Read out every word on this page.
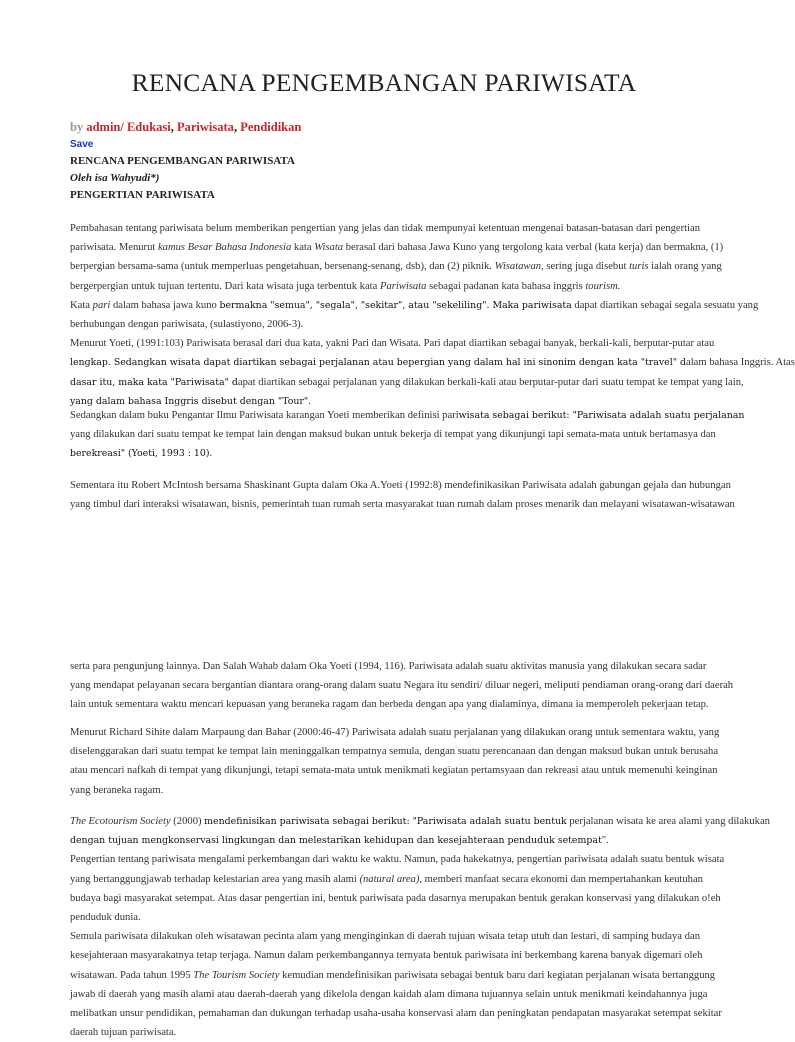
RENCANA PENGEMBANGAN PARIWISATA
by admin/ Edukasi, Pariwisata, Pendidikan
Save
RENCANA PENGEMBANGAN PARIWISATA
Oleh isa Wahyudi*)
PENGERTIAN PARIWISATA
Pembahasan tentang pariwisata belum memberikan pengertian yang jelas dan tidak mempunyai ketentuan mengenai batasan-batasan dari pengertian
pariwisata. Menurut kamus Besar Bahasa Indonesia kata Wisata berasal dari bahasa Jawa Kuno yang tergolong kata verbal (kata kerja) dan bermakna, (1)
berpergian bersama-sama (untuk memperluas pengetahuan, bersenang-senang, dsb), dan (2) piknik. Wisatawan, sering juga disebut turis ialah orang yang
bergerpergian untuk tujuan tertentu. Dari kata wisata juga terbentuk kata Pariwisata sebagai padanan kata bahasa inggris tourism.
Kata pari dalam bahasa jawa kuno bermakna "semua", "segala", "sekitar", atau "sekeliling". Maka pariwisata dapat diartikan sebagai segala sesuatu yang
berhubungan dengan pariwisata, (sulastiyono, 2006-3).
Menurut Yoeti, (1991:103) Pariwisata berasal dari dua kata, yakni Pari dan Wisata. Pari dapat diartikan sebagai banyak, berkali-kali, berputar-putar atau
lengkap. Sedangkan wisata dapat diartikan sebagai perjalanan atau bepergian yang dalam hal ini sinonim dengan kata "travel" dalam bahasa Inggris. Atas
dasar itu, maka kata "Pariwisata" dapat diartikan sebagai perjalanan yang dilakukan berkali-kali atau berputar-putar dari suatu tempat ke tempat yang lain,
yang dalam bahasa Inggris disebut dengan "Tour".
Sedangkan dalam buku Pengantar Ilmu Pariwisata karangan Yoeti memberikan definisi pariwisata sebagai berikut: "Pariwisata adalah suatu perjalanan
yang dilakukan dari suatu tempat ke tempat lain dengan maksud bukan untuk bekerja di tempat yang dikunjungi tapi semata-mata untuk bertamasya dan
berekreasi" (Yoeti, 1993 : 10).
Sementara itu Robert McIntosh bersama Shaskinant Gupta dalam Oka A.Yoeti (1992:8) mendefinikasikan Pariwisata adalah gabungan gejala dan hubungan
yang timbul dari interaksi wisatawan, bisnis, pemerintah tuan rumah serta masyarakat tuan rumah dalam proses menarik dan melayani wisatawan-wisatawan
serta para pengunjung lainnya. Dan Salah Wahab dalam Oka Yoeti (1994, 116). Pariwisata adalah suatu aktivitas manusia yang dilakukan secara sadar
yang mendapat pelayanan secara bergantian diantara orang-orang dalam suatu Negara itu sendiri/ diluar negeri, meliputi pendiaman orang-orang dari daerah
lain untuk sementara waktu mencari kepuasan yang beraneka ragam dan berbeda dengan apa yang dialaminya, dimana ia memperoleh pekerjaan tetap.
Menurut Richard Sihite dalam Marpaung dan Bahar (2000:46-47) Pariwisata adalah suatu perjalanan yang dilakukan orang untuk sementara waktu, yang
diselenggarakan dari suatu tempat ke tempat lain meninggalkan tempatnya semula, dengan suatu perencanaan dan dengan maksud bukan untuk berusaha
atau mencari nafkah di tempat yang dikunjungi, tetapi semata-mata untuk menikmati kegiatan pertamsyaan dan rekreasi atau untuk memenuhi keinginan
yang beraneka ragam.
The Ecotourism Society (2000) mendefinisikan pariwisata sebagai berikut: "Pariwisata adalah suatu bentuk perjalanan wisata ke area alami yang dilakukan
dengan tujuan mengkonservasi lingkungan dan melestarikan kehidupan dan kesejahteraan penduduk setempat".
Pengertian tentang pariwisata mengalami perkembangan dari waktu ke waktu. Namun, pada hakekatnya, pengertian pariwisata adalah suatu bentuk wisata
yang bertanggungjawab terhadap kelestarian area yang masih alami (natural area), memberi manfaat secara ekonomi dan mempertahankan keutuhan
budaya bagi masyarakat setempat. Atas dasar pengertian ini, bentuk pariwisata pada dasarnya merupakan bentuk gerakan konservasi yang dilakukan o!eh
penduduk dunia.
Semula pariwisata dilakukan oleh wisatawan pecinta alam yang menginginkan di daerah tujuan wisata tetap utuh dan lestari, di samping budaya dan
kesejahteraan masyarakatnya tetap terjaga. Namun dalam perkembangannya ternyata bentuk pariwisata ini berkembang karena banyak digemari oleh
wisatawan. Pada tahun 1995 The Tourism Society kemudian mendefinisikan pariwisata sebagai bentuk baru dari kegiatan perjalanan wisata bertanggung
jawab di daerah yang masih alami atau daerah-daerah yang dikelola dengan kaidah alam dimana tujuannya selain untuk menikmati keindahannya juga
melibatkan unsur pendidikan, pemahaman dan dukungan terhadap usaha-usaha konservasi alam dan peningkatan pendapatan masyarakat setempat sekitar
daerah tujuan pariwisata.
